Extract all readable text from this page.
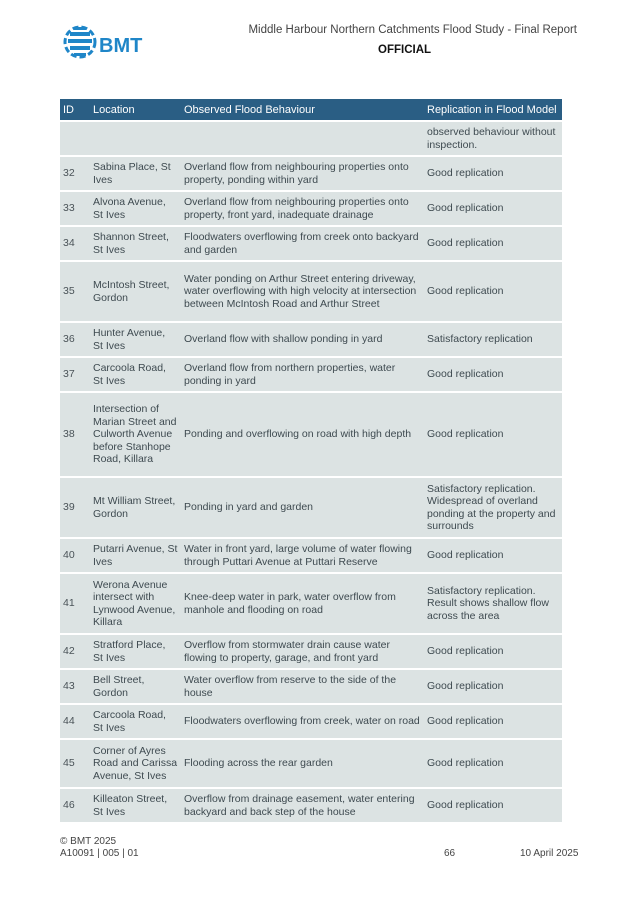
BMT
Middle Harbour Northern Catchments Flood Study - Final Report
OFFICIAL
ID	Location	Observed Flood Behaviour	Replication in Flood Model
			observed behaviour without inspection.
32	Sabina Place, St Ives	Overland flow from neighbouring properties onto property, ponding within yard	Good replication
33	Alvona Avenue, St Ives	Overland flow from neighbouring properties onto property, front yard, inadequate drainage	Good replication
34	Shannon Street, St Ives	Floodwaters overflowing from creek onto backyard and garden	Good replication
35	McIntosh Street, Gordon	Water ponding on Arthur Street entering driveway, water overflowing with high velocity at intersection between McIntosh Road and Arthur Street	Good replication
36	Hunter Avenue, St Ives	Overland flow with shallow ponding in yard	Satisfactory replication
37	Carcoola Road, St Ives	Overland flow from northern properties, water ponding in yard	Good replication
38	Intersection of Marian Street and Culworth Avenue before Stanhope Road, Killara	Ponding and overflowing on road with high depth	Good replication
39	Mt William Street, Gordon	Ponding in yard and garden	Satisfactory replication. Widespread of overland ponding at the property and surrounds
40	Putarri Avenue, St Ives	Water in front yard, large volume of water flowing through Puttari Avenue at Puttari Reserve	Good replication
41	Werona Avenue intersect with Lynwood Avenue, Killara	Knee-deep water in park, water overflow from manhole and flooding on road	Satisfactory replication. Result shows shallow flow across the area
42	Stratford Place, St Ives	Overflow from stormwater drain cause water flowing to property, garage, and front yard	Good replication
43	Bell Street, Gordon	Water overflow from reserve to the side of the house	Good replication
44	Carcoola Road, St Ives	Floodwaters overflowing from creek, water on road	Good replication
45	Corner of Ayres Road and Carissa Avenue, St Ives	Flooding across the rear garden	Good replication
46	Killeaton Street, St Ives	Overflow from drainage easement, water entering backyard and back step of the house	Good replication
© BMT 2025
A10091 | 005 | 01	66	10 April 2025
